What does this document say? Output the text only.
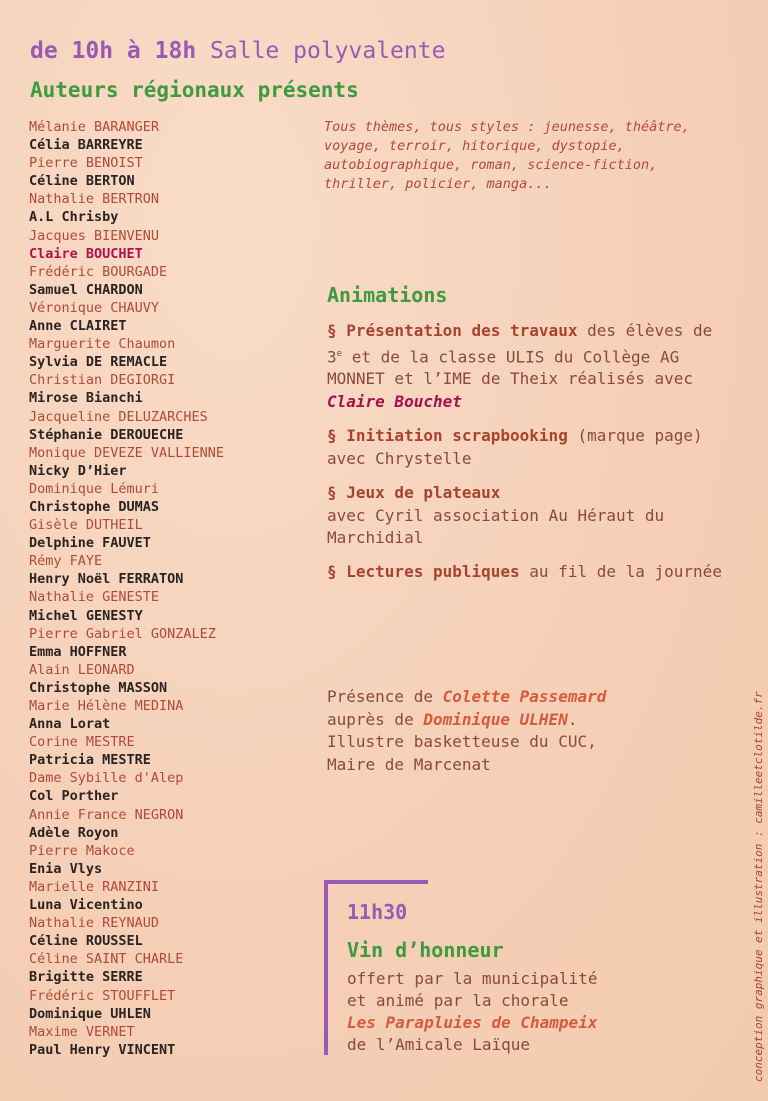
de 10h à 18h Salle polyvalente
Auteurs régionaux présents
Mélanie BARANGER
Célia BARREYRE
Pierre BENOIST
Céline BERTON
Nathalie BERTRON
A.L Chrisby
Jacques BIENVENU
Claire BOUCHET
Frédéric BOURGADE
Samuel CHARDON
Véronique CHAUVY
Anne CLAIRET
Marguerite Chaumon
Sylvia DE REMACLE
Christian DEGIORGI
Mirose Bianchi
Jacqueline DELUZARCHES
Stéphanie DEROUECHE
Monique DEVEZE VALLIENNE
Nicky D’Hier
Dominique Lémuri
Christophe DUMAS
Gisèle DUTHEIL
Delphine FAUVET
Rémy FAYE
Henry Noël FERRATON
Nathalie GENESTE
Michel GENESTY
Pierre Gabriel GONZALEZ
Emma HOFFNER
Alain LEONARD
Christophe MASSON
Marie Hélène MEDINA
Anna Lorat
Corine MESTRE
Patricia MESTRE
Dame Sybille d'Alep
Col Porther
Annie France NEGRON
Adèle Royon
Pierre Makoce
Enia Vlys
Marielle RANZINI
Luna Vicentino
Nathalie REYNAUD
Céline ROUSSEL
Céline SAINT CHARLE
Brigitte SERRE
Frédéric STOUFFLET
Dominique UHLEN
Maxime VERNET
Paul Henry VINCENT
Tous thèmes, tous styles : jeunesse, théâtre, voyage, terroir, hitorique, dystopie, autobiographique, roman, science-fiction, thriller, policier, manga...
Animations
§ Présentation des travaux des élèves de 3e et de la classe ULIS du Collège AG MONNET et l’IME de Theix réalisés avec Claire Bouchet
§ Initiation scrapbooking (marque page) avec Chrystelle
§ Jeux de plateaux
avec Cyril association Au Héraut du Marchidial
§ Lectures publiques au fil de la journée
Présence de Colette Passemard
auprès de Dominique ULHEN.
Illustre basketteuse du CUC,
Maire de Marcenat
11h30
Vin d’honneur
offert par la municipalité
et animé par la chorale
Les Parapluies de Champeix
de l’Amicale Laïque	conception graphique et illustration : camilleetclotilde.fr
